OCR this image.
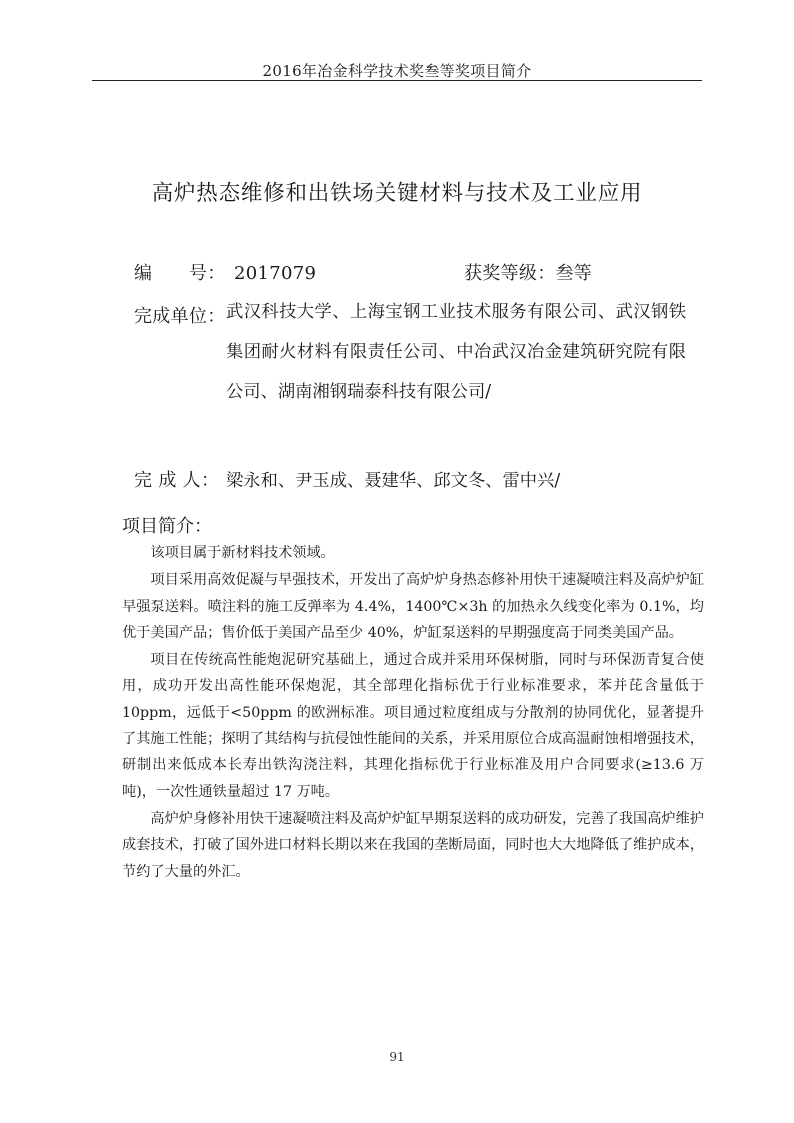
2016年冶金科学技术奖叁等奖项目简介
高炉热态维修和出铁场关键材料与技术及工业应用
编　　号： 2017079	获奖等级：叁等
完成单位： 武汉科技大学、上海宝钢工业技术服务有限公司、武汉钢铁集团耐火材料有限责任公司、中冶武汉冶金建筑研究院有限公司、湖南湘钢瑞泰科技有限公司/
完 成 人： 梁永和、尹玉成、聂建华、邱文冬、雷中兴/
项目简介：

该项目属于新材料技术领域。

项目采用高效促凝与早强技术，开发出了高炉炉身热态修补用快干速凝喷注料及高炉炉缸早强泵送料。喷注料的施工反弹率为 4.4%，1400℃×3h 的加热永久线变化率为 0.1%，均优于美国产品；售价低于美国产品至少 40%，炉缸泵送料的早期强度高于同类美国产品。

项目在传统高性能炮泥研究基础上，通过合成并采用环保树脂，同时与环保沥青复合使用，成功开发出高性能环保炮泥，其全部理化指标优于行业标准要求，苯并芘含量低于 10ppm，远低于<50ppm 的欧洲标准。项目通过粒度组成与分散剂的协同优化，显著提升了其施工性能；探明了其结构与抗侵蚀性能间的关系，并采用原位合成高温耐蚀相增强技术，研制出来低成本长寿出铁沟浇注料，其理化指标优于行业标准及用户合同要求(≥13.6 万吨)，一次性通铁量超过 17 万吨。

高炉炉身修补用快干速凝喷注料及高炉炉缸早期泵送料的成功研发，完善了我国高炉维护成套技术，打破了国外进口材料长期以来在我国的垄断局面，同时也大大地降低了维护成本，节约了大量的外汇。

91
